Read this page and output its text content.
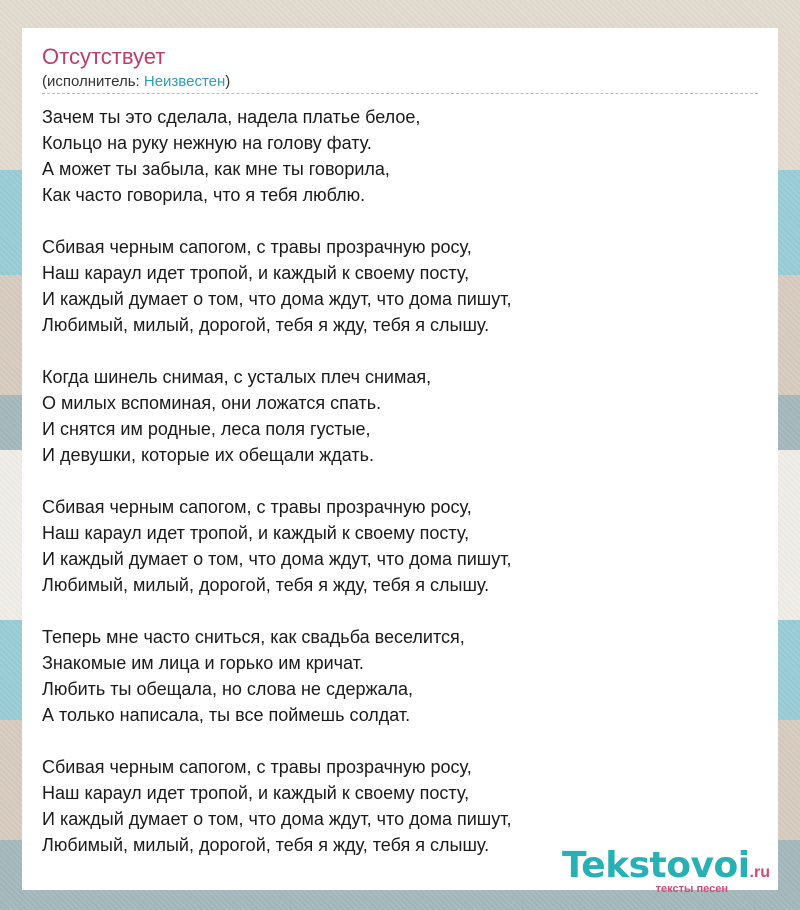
Отсутствует
(исполнитель: Неизвестен)
Зачем ты это сделала, надела платье белое,
Кольцо на руку нежную на голову фату.
А может ты забыла, как мне ты говорила,
Как часто говорила, что я тебя люблю.
Сбивая черным сапогом, с травы прозрачную росу,
Наш караул идет тропой, и каждый к своему посту,
И каждый думает о том, что дома ждут, что дома пишут,
Любимый, милый, дорогой, тебя я жду, тебя я слышу.
Когда шинель снимая, с усталых плеч снимая,
О милых вспоминая, они ложатся спать.
И снятся им родные, леса поля густые,
И девушки, которые их обещали ждать.
Сбивая черным сапогом, с травы прозрачную росу,
Наш караул идет тропой, и каждый к своему посту,
И каждый думает о том, что дома ждут, что дома пишут,
Любимый, милый, дорогой, тебя я жду, тебя я слышу.
Теперь мне часто сниться, как свадьба веселится,
Знакомые им лица и горько им кричат.
Любить ты обещала, но слова не сдержала,
А только написала, ты все поймешь солдат.
Сбивая черным сапогом, с травы прозрачную росу,
Наш караул идет тропой, и каждый к своему посту,
И каждый думает о том, что дома ждут, что дома пишут,
Любимый, милый, дорогой, тебя я жду, тебя я слышу.	Tekstovoi.ru
тексты песен
